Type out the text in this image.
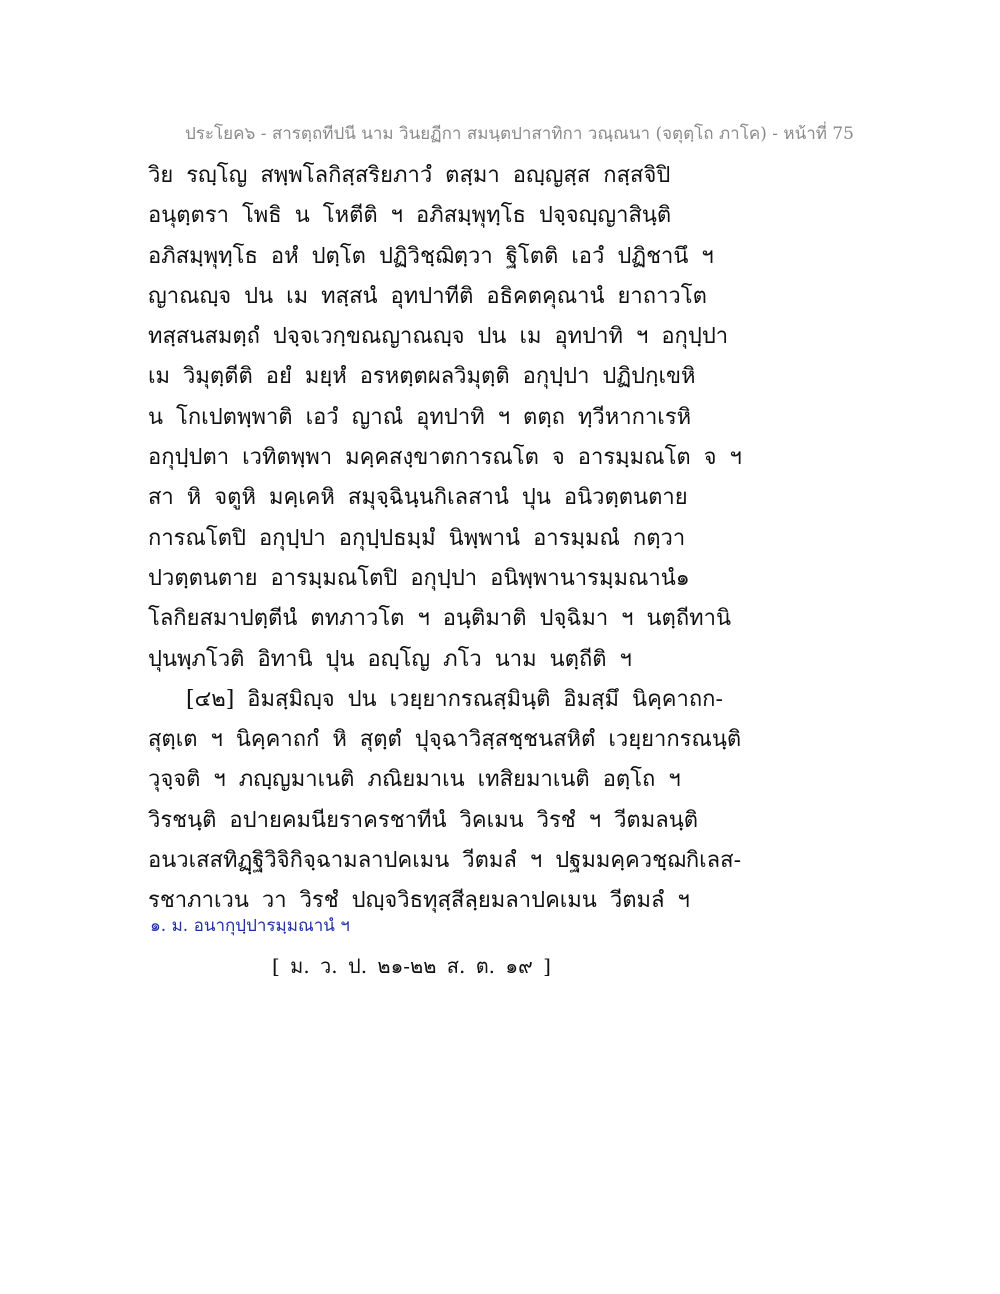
ประโยค๖ - สารตฺถทีปนี นาม วินยฏีกา สมนฺตปาสาทิกา วณฺณนา (จตุตฺโถ ภาโค) - หน้าที่ 75
วิย รญฺโญ สพฺพโลกิสฺสริยภาวํ ตสฺมา อญฺญสฺส กสฺสจิปิ
อนุตฺตรา โพธิ น โหตีติ ฯ อภิสมฺพุทฺโธ ปจฺจญฺญาสินฺติ
อภิสมฺพุทฺโธ อหํ ปตฺโต ปฏิวิชฺฌิตฺวา ฐิโตติ เอวํ ปฏิชานึ ฯ
ญาณญฺจ ปน เม ทสฺสนํ อุทปาทีติ อธิคตคุณานํ ยาถาวโต
ทสฺสนสมตฺถํ ปจฺจเวกฺขณญาณญฺจ ปน เม อุทปาทิ ฯ อกุปฺปา
เม วิมุตฺตีติ อยํ มยฺหํ อรหตฺตผลวิมุตฺติ อกุปฺปา ปฏิปกฺเขหิ
น โกเปตพฺพาติ เอวํ ญาณํ อุทปาทิ ฯ ตตฺถ ทฺวีหากาเรหิ
อกุปฺปตา เวทิตพฺพา มคฺคสงฺขาตการณโต จ อารมฺมณโต จ ฯ
สา หิ จตูหิ มคฺเคหิ สมุจฺฉินฺนกิเลสานํ ปุน อนิวตฺตนตาย
การณโตปิ อกุปฺปา อกุปฺปธมฺมํ นิพฺพานํ อารมฺมณํ กตฺวา
ปวตฺตนตาย อารมฺมณโตปิ อกุปฺปา อนิพฺพานารมฺมณานํ๑
โลกิยสมาปตฺตีนํ ตทภาวโต ฯ อนฺติมาติ ปจฺฉิมา ฯ นตฺถีทานิ
ปุนพฺภโวติ อิทานิ ปุน อญฺโญ ภโว นาม นตฺถีติ ฯ
[๔๒] อิมสฺมิญฺจ ปน เวยฺยากรณสฺมินฺติ อิมสฺมึ นิคฺคาถก-
สุตฺเต ฯ นิคฺคาถกํ หิ สุตฺตํ ปุจฺฉาวิสฺสชฺชนสหิตํ เวยฺยากรณนฺติ
วุจฺจติ ฯ ภญฺญมาเนติ ภณิยมาเน เทสิยมาเนติ อตฺโถ ฯ
วิรชนฺติ อปายคมนียราครชาทีนํ วิคเมน วิรชํ ฯ วีตมลนฺติ
อนวเสสทิฏฺฐิวิจิกิจฺฉามลาปคเมน วีตมลํ ฯ ปฐมมคฺควชฺฌกิเลส-
รชาภาเวน วา วิรชํ ปญฺจวิธทุสฺสีลฺยมลาปคเมน วีตมลํ ฯ
๑. ม. อนากุปฺปารมฺมณานํ ฯ
[ ม. ว. ป. ๒๑-๒๒ ส. ต. ๑๙ ]
